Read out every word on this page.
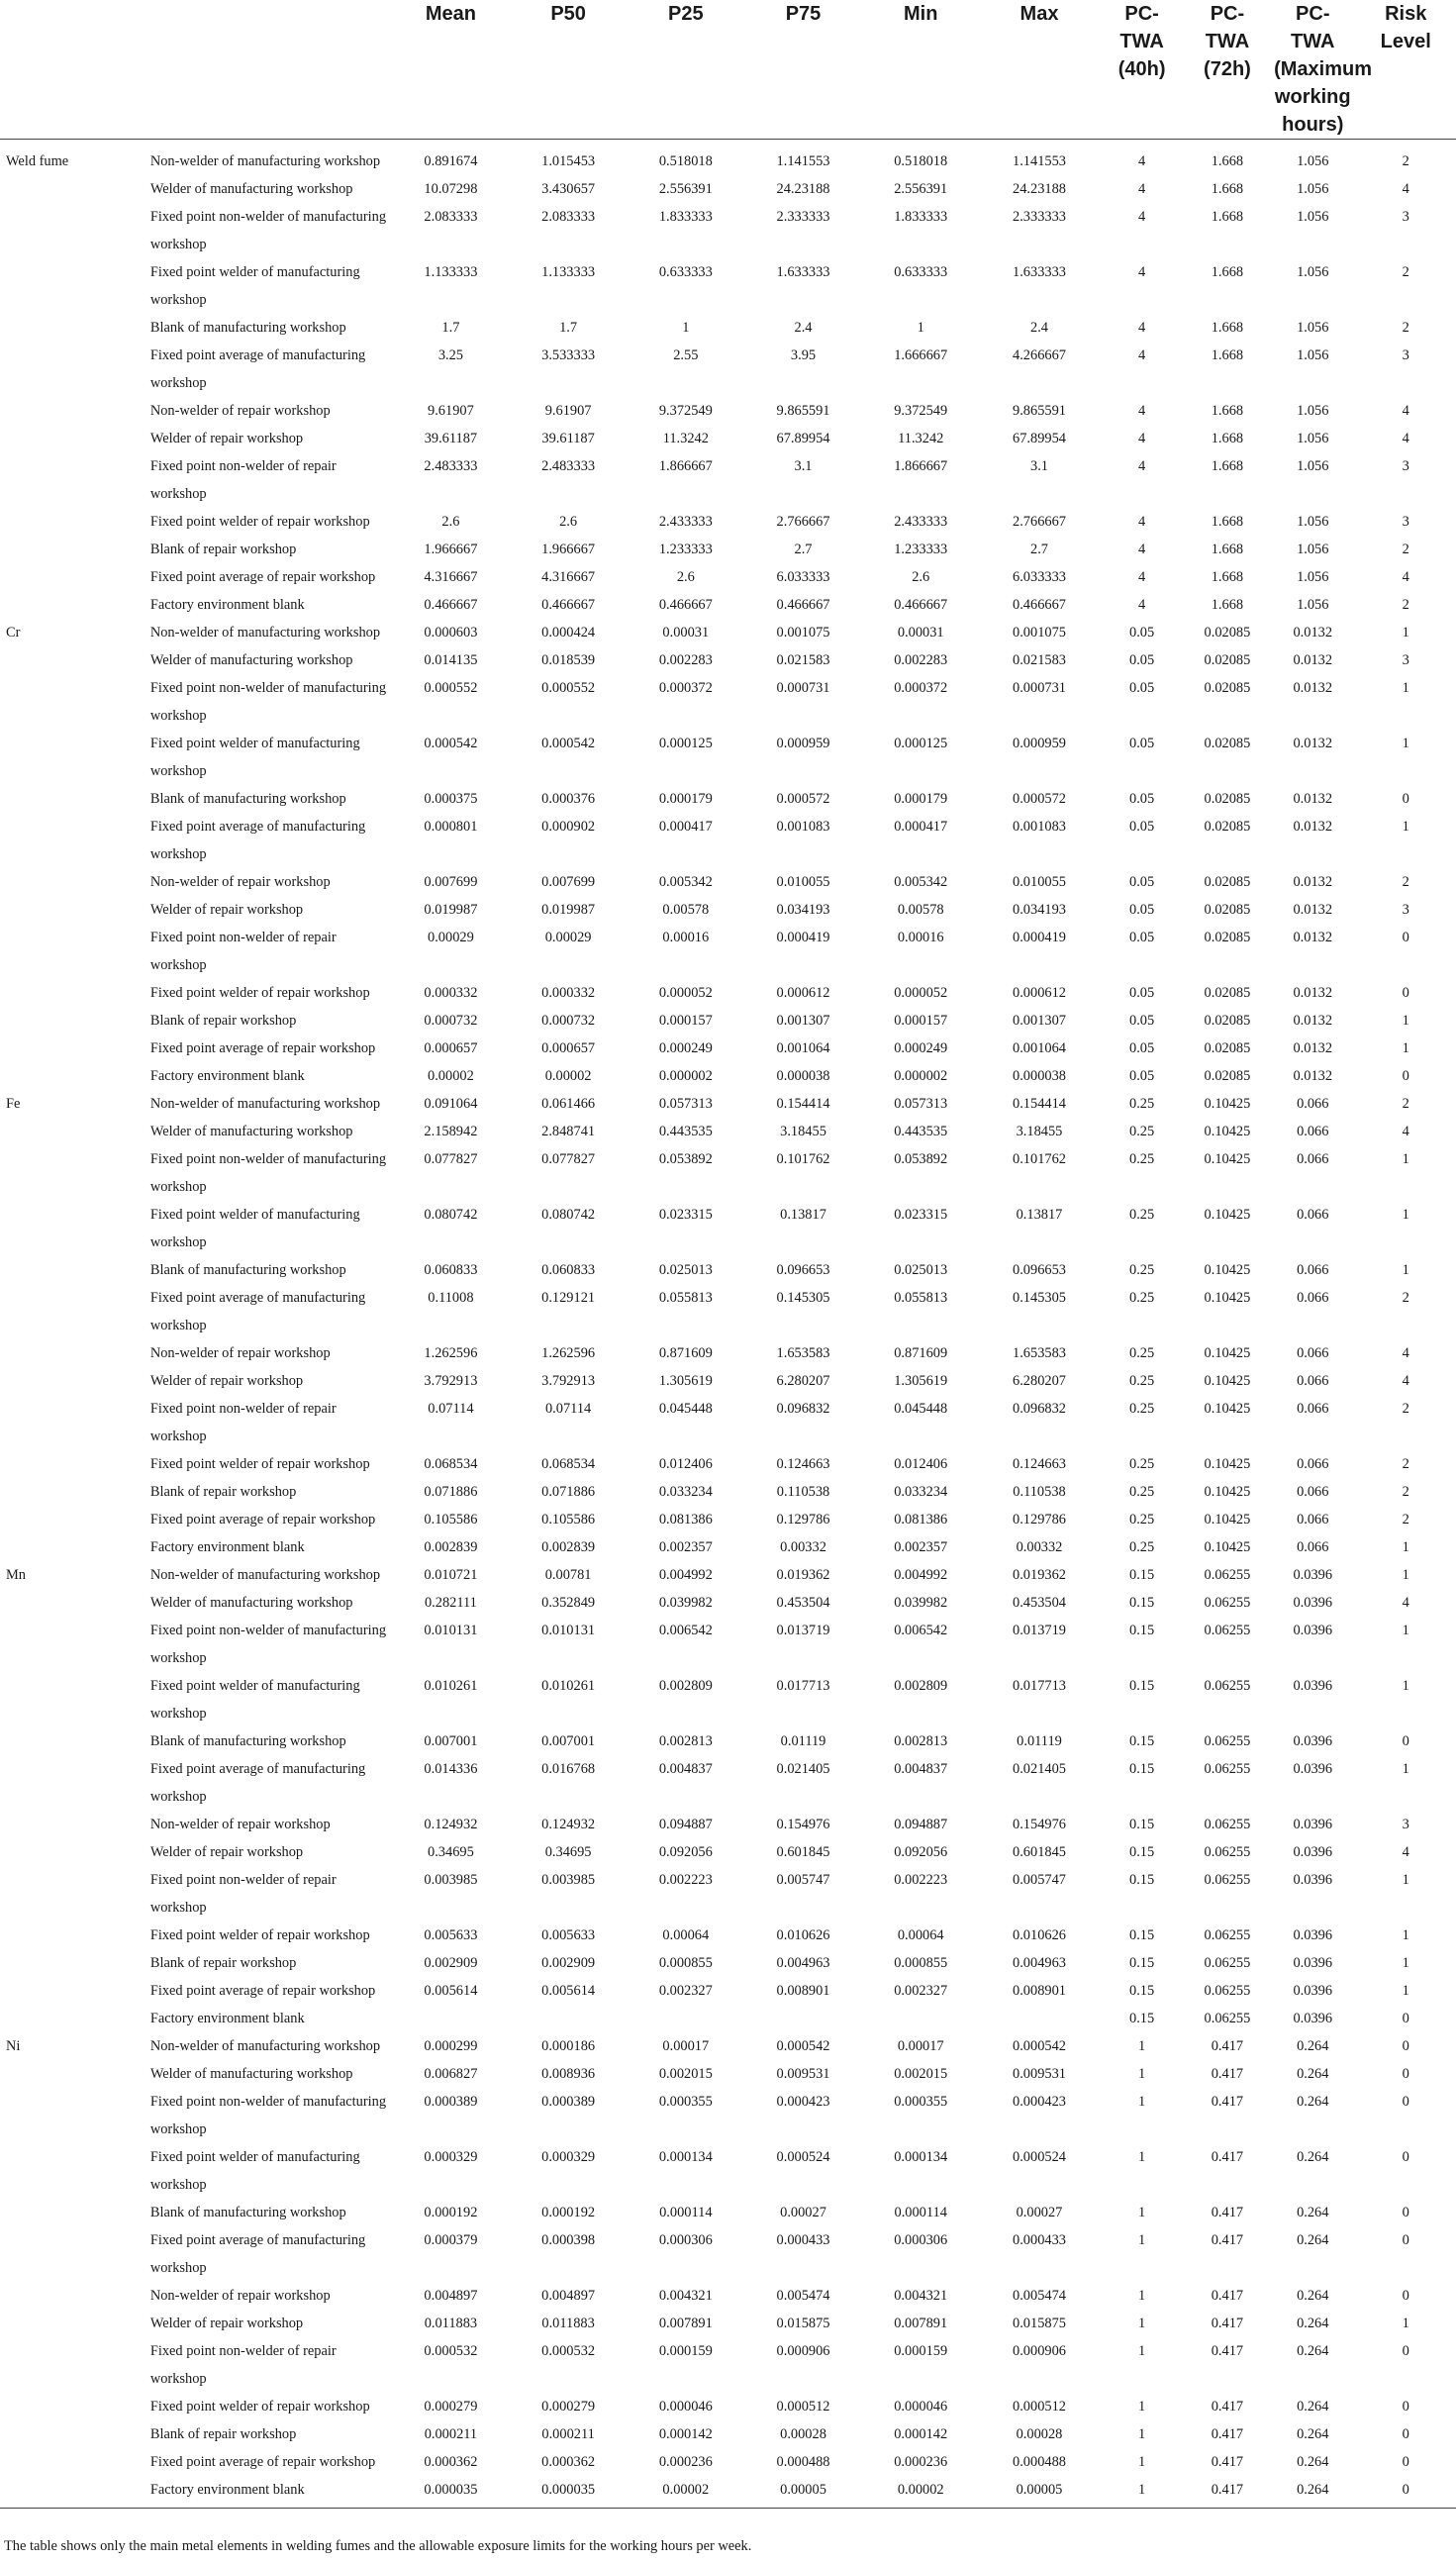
		Mean	P50	P25	P75	Min	Max	PC-TWA (40h)	PC-TWA (72h)	PC-TWA (Maximum working hours)	Risk Level
Weld fume	Non-welder of manufacturing workshop	0.891674	1.015453	0.518018	1.141553	0.518018	1.141553	4	1.668	1.056	2
	Welder of manufacturing workshop	10.07298	3.430657	2.556391	24.23188	2.556391	24.23188	4	1.668	1.056	4
	Fixed point non-welder of manufacturing workshop	2.083333	2.083333	1.833333	2.333333	1.833333	2.333333	4	1.668	1.056	3
	Fixed point welder of manufacturing workshop	1.133333	1.133333	0.633333	1.633333	0.633333	1.633333	4	1.668	1.056	2
	Blank of manufacturing workshop	1.7	1.7	1	2.4	1	2.4	4	1.668	1.056	2
	Fixed point average of manufacturing workshop	3.25	3.533333	2.55	3.95	1.666667	4.266667	4	1.668	1.056	3
	Non-welder of repair workshop	9.61907	9.61907	9.372549	9.865591	9.372549	9.865591	4	1.668	1.056	4
	Welder of repair workshop	39.61187	39.61187	11.3242	67.89954	11.3242	67.89954	4	1.668	1.056	4
	Fixed point non-welder of repair workshop	2.483333	2.483333	1.866667	3.1	1.866667	3.1	4	1.668	1.056	3
	Fixed point welder of repair workshop	2.6	2.6	2.433333	2.766667	2.433333	2.766667	4	1.668	1.056	3
	Blank of repair workshop	1.966667	1.966667	1.233333	2.7	1.233333	2.7	4	1.668	1.056	2
	Fixed point average of repair workshop	4.316667	4.316667	2.6	6.033333	2.6	6.033333	4	1.668	1.056	4
	Factory environment blank	0.466667	0.466667	0.466667	0.466667	0.466667	0.466667	4	1.668	1.056	2
Cr	Non-welder of manufacturing workshop	0.000603	0.000424	0.00031	0.001075	0.00031	0.001075	0.05	0.02085	0.0132	1
	Welder of manufacturing workshop	0.014135	0.018539	0.002283	0.021583	0.002283	0.021583	0.05	0.02085	0.0132	3
	Fixed point non-welder of manufacturing workshop	0.000552	0.000552	0.000372	0.000731	0.000372	0.000731	0.05	0.02085	0.0132	1
	Fixed point welder of manufacturing workshop	0.000542	0.000542	0.000125	0.000959	0.000125	0.000959	0.05	0.02085	0.0132	1
	Blank of manufacturing workshop	0.000375	0.000376	0.000179	0.000572	0.000179	0.000572	0.05	0.02085	0.0132	0
	Fixed point average of manufacturing workshop	0.000801	0.000902	0.000417	0.001083	0.000417	0.001083	0.05	0.02085	0.0132	1
	Non-welder of repair workshop	0.007699	0.007699	0.005342	0.010055	0.005342	0.010055	0.05	0.02085	0.0132	2
	Welder of repair workshop	0.019987	0.019987	0.00578	0.034193	0.00578	0.034193	0.05	0.02085	0.0132	3
	Fixed point non-welder of repair workshop	0.00029	0.00029	0.00016	0.000419	0.00016	0.000419	0.05	0.02085	0.0132	0
	Fixed point welder of repair workshop	0.000332	0.000332	0.000052	0.000612	0.000052	0.000612	0.05	0.02085	0.0132	0
	Blank of repair workshop	0.000732	0.000732	0.000157	0.001307	0.000157	0.001307	0.05	0.02085	0.0132	1
	Fixed point average of repair workshop	0.000657	0.000657	0.000249	0.001064	0.000249	0.001064	0.05	0.02085	0.0132	1
	Factory environment blank	0.00002	0.00002	0.000002	0.000038	0.000002	0.000038	0.05	0.02085	0.0132	0
Fe	Non-welder of manufacturing workshop	0.091064	0.061466	0.057313	0.154414	0.057313	0.154414	0.25	0.10425	0.066	2
	Welder of manufacturing workshop	2.158942	2.848741	0.443535	3.18455	0.443535	3.18455	0.25	0.10425	0.066	4
	Fixed point non-welder of manufacturing workshop	0.077827	0.077827	0.053892	0.101762	0.053892	0.101762	0.25	0.10425	0.066	1
	Fixed point welder of manufacturing workshop	0.080742	0.080742	0.023315	0.13817	0.023315	0.13817	0.25	0.10425	0.066	1
	Blank of manufacturing workshop	0.060833	0.060833	0.025013	0.096653	0.025013	0.096653	0.25	0.10425	0.066	1
	Fixed point average of manufacturing workshop	0.11008	0.129121	0.055813	0.145305	0.055813	0.145305	0.25	0.10425	0.066	2
	Non-welder of repair workshop	1.262596	1.262596	0.871609	1.653583	0.871609	1.653583	0.25	0.10425	0.066	4
	Welder of repair workshop	3.792913	3.792913	1.305619	6.280207	1.305619	6.280207	0.25	0.10425	0.066	4
	Fixed point non-welder of repair workshop	0.07114	0.07114	0.045448	0.096832	0.045448	0.096832	0.25	0.10425	0.066	2
	Fixed point welder of repair workshop	0.068534	0.068534	0.012406	0.124663	0.012406	0.124663	0.25	0.10425	0.066	2
	Blank of repair workshop	0.071886	0.071886	0.033234	0.110538	0.033234	0.110538	0.25	0.10425	0.066	2
	Fixed point average of repair workshop	0.105586	0.105586	0.081386	0.129786	0.081386	0.129786	0.25	0.10425	0.066	2
	Factory environment blank	0.002839	0.002839	0.002357	0.00332	0.002357	0.00332	0.25	0.10425	0.066	1
Mn	Non-welder of manufacturing workshop	0.010721	0.00781	0.004992	0.019362	0.004992	0.019362	0.15	0.06255	0.0396	1
	Welder of manufacturing workshop	0.282111	0.352849	0.039982	0.453504	0.039982	0.453504	0.15	0.06255	0.0396	4
	Fixed point non-welder of manufacturing workshop	0.010131	0.010131	0.006542	0.013719	0.006542	0.013719	0.15	0.06255	0.0396	1
	Fixed point welder of manufacturing workshop	0.010261	0.010261	0.002809	0.017713	0.002809	0.017713	0.15	0.06255	0.0396	1
	Blank of manufacturing workshop	0.007001	0.007001	0.002813	0.01119	0.002813	0.01119	0.15	0.06255	0.0396	0
	Fixed point average of manufacturing workshop	0.014336	0.016768	0.004837	0.021405	0.004837	0.021405	0.15	0.06255	0.0396	1
	Non-welder of repair workshop	0.124932	0.124932	0.094887	0.154976	0.094887	0.154976	0.15	0.06255	0.0396	3
	Welder of repair workshop	0.34695	0.34695	0.092056	0.601845	0.092056	0.601845	0.15	0.06255	0.0396	4
	Fixed point non-welder of repair workshop	0.003985	0.003985	0.002223	0.005747	0.002223	0.005747	0.15	0.06255	0.0396	1
	Fixed point welder of repair workshop	0.005633	0.005633	0.00064	0.010626	0.00064	0.010626	0.15	0.06255	0.0396	1
	Blank of repair workshop	0.002909	0.002909	0.000855	0.004963	0.000855	0.004963	0.15	0.06255	0.0396	1
	Fixed point average of repair workshop	0.005614	0.005614	0.002327	0.008901	0.002327	0.008901	0.15	0.06255	0.0396	1
	Factory environment blank							0.15	0.06255	0.0396	0
Ni	Non-welder of manufacturing workshop	0.000299	0.000186	0.00017	0.000542	0.00017	0.000542	1	0.417	0.264	0
	Welder of manufacturing workshop	0.006827	0.008936	0.002015	0.009531	0.002015	0.009531	1	0.417	0.264	0
	Fixed point non-welder of manufacturing workshop	0.000389	0.000389	0.000355	0.000423	0.000355	0.000423	1	0.417	0.264	0
	Fixed point welder of manufacturing workshop	0.000329	0.000329	0.000134	0.000524	0.000134	0.000524	1	0.417	0.264	0
	Blank of manufacturing workshop	0.000192	0.000192	0.000114	0.00027	0.000114	0.00027	1	0.417	0.264	0
	Fixed point average of manufacturing workshop	0.000379	0.000398	0.000306	0.000433	0.000306	0.000433	1	0.417	0.264	0
	Non-welder of repair workshop	0.004897	0.004897	0.004321	0.005474	0.004321	0.005474	1	0.417	0.264	0
	Welder of repair workshop	0.011883	0.011883	0.007891	0.015875	0.007891	0.015875	1	0.417	0.264	1
	Fixed point non-welder of repair workshop	0.000532	0.000532	0.000159	0.000906	0.000159	0.000906	1	0.417	0.264	0
	Fixed point welder of repair workshop	0.000279	0.000279	0.000046	0.000512	0.000046	0.000512	1	0.417	0.264	0
	Blank of repair workshop	0.000211	0.000211	0.000142	0.00028	0.000142	0.00028	1	0.417	0.264	0
	Fixed point average of repair workshop	0.000362	0.000362	0.000236	0.000488	0.000236	0.000488	1	0.417	0.264	0
	Factory environment blank	0.000035	0.000035	0.00002	0.00005	0.00002	0.00005	1	0.417	0.264	0
The table shows only the main metal elements in welding fumes and the allowable exposure limits for the working hours per week.
